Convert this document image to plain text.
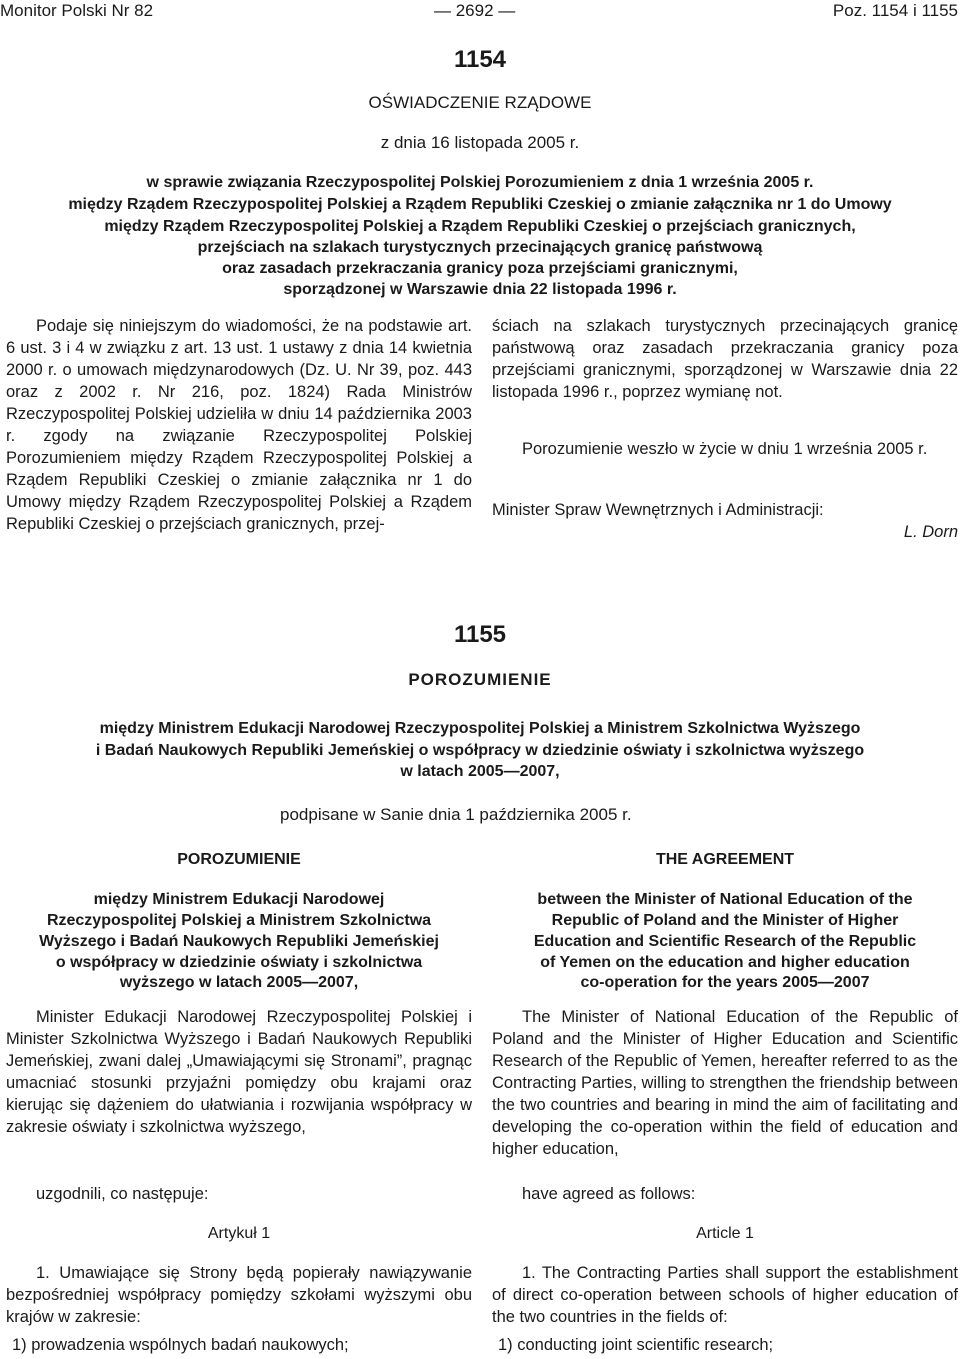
Monitor Polski Nr 82	— 2692 —	Poz. 1154 i 1155
1154
OŚWIADCZENIE RZĄDOWE
z dnia 16 listopada 2005 r.
w sprawie związania Rzeczypospolitej Polskiej Porozumieniem z dnia 1 września 2005 r.
między Rządem Rzeczypospolitej Polskiej a Rządem Republiki Czeskiej o zmianie załącznika nr 1 do Umowy
między Rządem Rzeczypospolitej Polskiej a Rządem Republiki Czeskiej o przejściach granicznych,
przejściach na szlakach turystycznych przecinających granicę państwową
oraz zasadach przekraczania granicy poza przejściami granicznymi,
sporządzonej w Warszawie dnia 22 listopada 1996 r.
Podaje się niniejszym do wiadomości, że na podstawie art. 6 ust. 3 i 4 w związku z art. 13 ust. 1 ustawy z dnia 14 kwietnia 2000 r. o umowach międzynarodowych (Dz. U. Nr 39, poz. 443 oraz z 2002 r. Nr 216, poz. 1824) Rada Ministrów Rzeczypospolitej Polskiej udzieliła w dniu 14 października 2003 r. zgody na związanie Rzeczypospolitej Polskiej Porozumieniem między Rządem Rzeczypospolitej Polskiej a Rządem Republiki Czeskiej o zmianie załącznika nr 1 do Umowy między Rządem Rzeczypospolitej Polskiej a Rządem Republiki Czeskiej o przejściach granicznych, przej-
ściach na szlakach turystycznych przecinających granicę państwową oraz zasadach przekraczania granicy poza przejściami granicznymi, sporządzonej w Warszawie dnia 22 listopada 1996 r., poprzez wymianę not.
Porozumienie weszło w życie w dniu 1 września 2005 r.
Minister Spraw Wewnętrznych i Administracji:
L. Dorn
1155
POROZUMIENIE
między Ministrem Edukacji Narodowej Rzeczypospolitej Polskiej a Ministrem Szkolnictwa Wyższego
i Badań Naukowych Republiki Jemeńskiej o współpracy w dziedzinie oświaty i szkolnictwa wyższego
w latach 2005—2007,
podpisane w Sanie dnia 1 października 2005 r.
POROZUMIENIE
między Ministrem Edukacji Narodowej
Rzeczypospolitej Polskiej a Ministrem Szkolnictwa
Wyższego i Badań Naukowych Republiki Jemeńskiej
o współpracy w dziedzinie oświaty i szkolnictwa
wyższego w latach 2005—2007,
Minister Edukacji Narodowej Rzeczypospolitej Polskiej i Minister Szkolnictwa Wyższego i Badań Naukowych Republiki Jemeńskiej, zwani dalej „Umawiającymi się Stronami”, pragnąc umacniać stosunki przyjaźni pomiędzy obu krajami oraz kierując się dążeniem do ułatwiania i rozwijania współpracy w zakresie oświaty i szkolnictwa wyższego,
uzgodnili, co następuje:
Artykuł 1
1. Umawiające się Strony będą popierały nawiązywanie bezpośredniej współpracy pomiędzy szkołami wyższymi obu krajów w zakresie:
1) prowadzenia wspólnych badań naukowych;
THE AGREEMENT
between the Minister of National Education of the
Republic of Poland and the Minister of Higher
Education and Scientific Research of the Republic
of Yemen on the education and higher education
co-operation for the years 2005—2007
The Minister of National Education of the Republic of Poland and the Minister of Higher Education and Scientific Research of the Republic of Yemen, hereafter referred to as the Contracting Parties, willing to strengthen the friendship between the two countries and bearing in mind the aim of facilitating and developing the co-operation within the field of education and higher education,
have agreed as follows:
Article 1
1. The Contracting Parties shall support the establishment of direct co-operation between schools of higher education of the two countries in the fields of:
1) conducting joint scientific research;
